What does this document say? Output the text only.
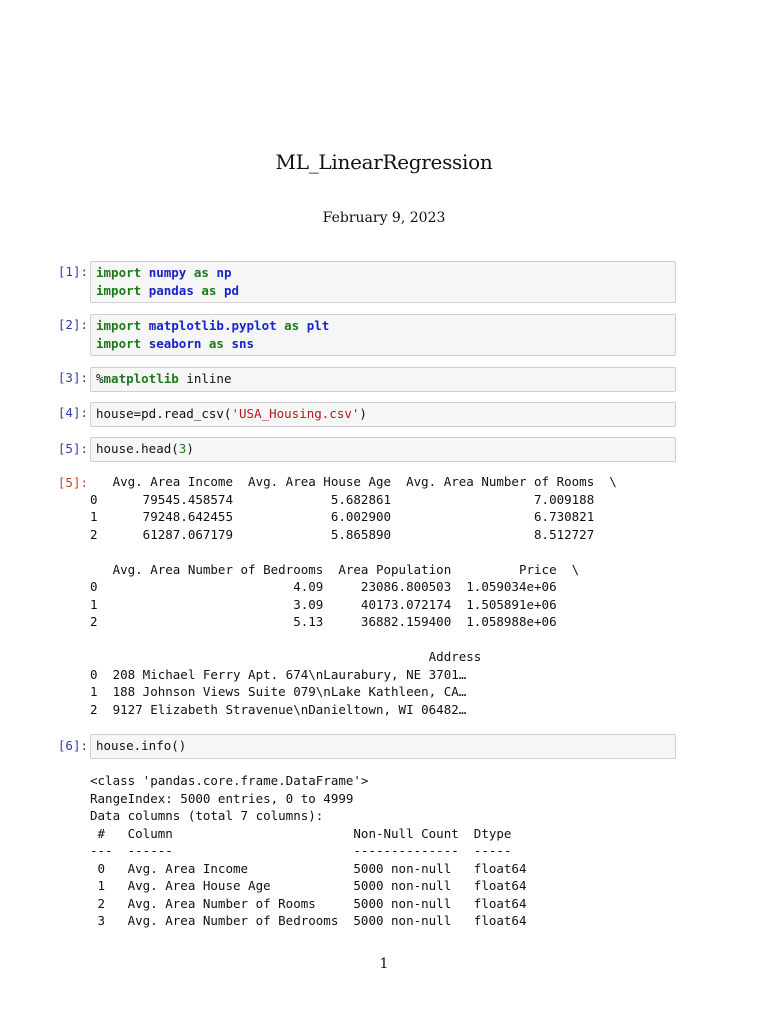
ML_LinearRegression
February 9, 2023
[1]: import numpy as np
import pandas as pd
[2]: import matplotlib.pyplot as plt
import seaborn as sns
[3]: %matplotlib inline
[4]: house=pd.read_csv('USA_Housing.csv')
[5]: house.head(3)
[5]: Avg. Area Income  Avg. Area House Age  Avg. Area Number of Rooms  \
0      79545.458574             5.682861                   7.009188
1      79248.642455             6.002900                   6.730821
2      61287.067179             5.865890                   8.512727

Avg. Area Number of Bedrooms  Area Population         Price  \
0                          4.09     23086.800503  1.059034e+06
1                          3.09     40173.072174  1.505891e+06
2                          5.13     36882.159400  1.058988e+06

Address
0  208 Michael Ferry Apt. 674\nLaurabury, NE 3701…
1  188 Johnson Views Suite 079\nLake Kathleen, CA…
2  9127 Elizabeth Stravenue\nDanieltown, WI 06482…
[6]: house.info()
<class 'pandas.core.frame.DataFrame'>
RangeIndex: 5000 entries, 0 to 4999
Data columns (total 7 columns):
#   Column                        Non-Null Count  Dtype
---  ------                        --------------  -----
0   Avg. Area Income              5000 non-null   float64
1   Avg. Area House Age           5000 non-null   float64
2   Avg. Area Number of Rooms     5000 non-null   float64
3   Avg. Area Number of Bedrooms  5000 non-null   float64
1
